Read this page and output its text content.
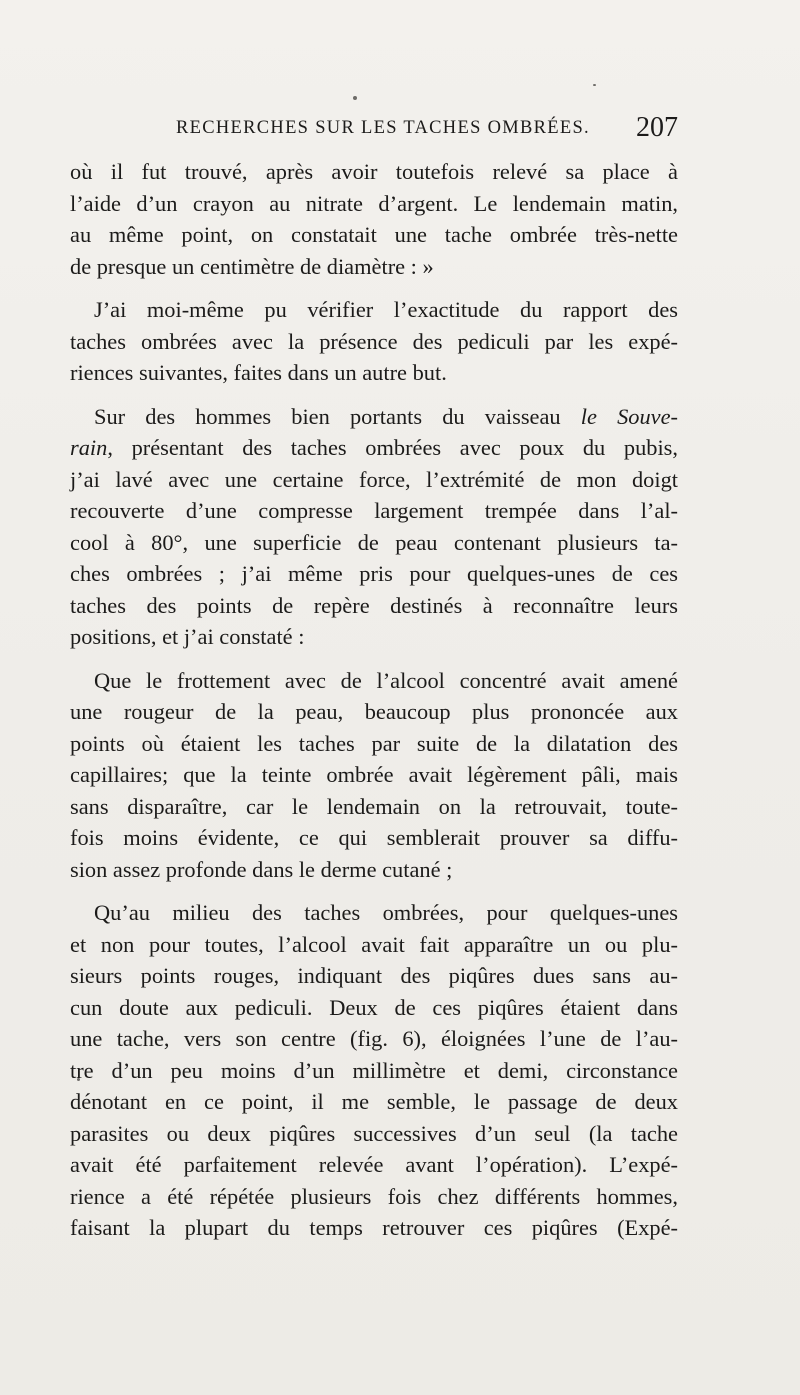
RECHERCHES SUR LES TACHES OMBRÉES. 207
où il fut trouvé, après avoir toutefois relevé sa place à
l’aide d’un crayon au nitrate d’argent. Le lendemain matin,
au même point, on constatait une tache ombrée très-nette
de presque un centimètre de diamètre : »
J’ai moi-même pu vérifier l’exactitude du rapport des
taches ombrées avec la présence des pediculi par les expé-
riences suivantes, faites dans un autre but.
Sur des hommes bien portants du vaisseau le Souve-
rain, présentant des taches ombrées avec poux du pubis,
j’ai lavé avec une certaine force, l’extrémité de mon doigt
recouverte d’une compresse largement trempée dans l’al-
cool à 80°, une superficie de peau contenant plusieurs ta-
ches ombrées ; j’ai même pris pour quelques-unes de ces
taches des points de repère destinés à reconnaître leurs
positions, et j’ai constaté :
Que le frottement avec de l’alcool concentré avait amené
une rougeur de la peau, beaucoup plus prononcée aux
points où étaient les taches par suite de la dilatation des
capillaires; que la teinte ombrée avait légèrement pâli, mais
sans disparaître, car le lendemain on la retrouvait, toute-
fois moins évidente, ce qui semblerait prouver sa diffu-
sion assez profonde dans le derme cutané ;
Qu’au milieu des taches ombrées, pour quelques-unes
et non pour toutes, l’alcool avait fait apparaître un ou plu-
sieurs points rouges, indiquant des piqûres dues sans au-
cun doute aux pediculi. Deux de ces piqûres étaient dans
une tache, vers son centre (fig. 6), éloignées l’une de l’au-
tre d’un peu moins d’un millimètre et demi, circonstance
dénotant en ce point, il me semble, le passage de deux
parasites ou deux piqûres successives d’un seul (la tache
avait été parfaitement relevée avant l’opération). L’expé-
rience a été répétée plusieurs fois chez différents hommes,
faisant la plupart du temps retrouver ces piqûres (Expé-
